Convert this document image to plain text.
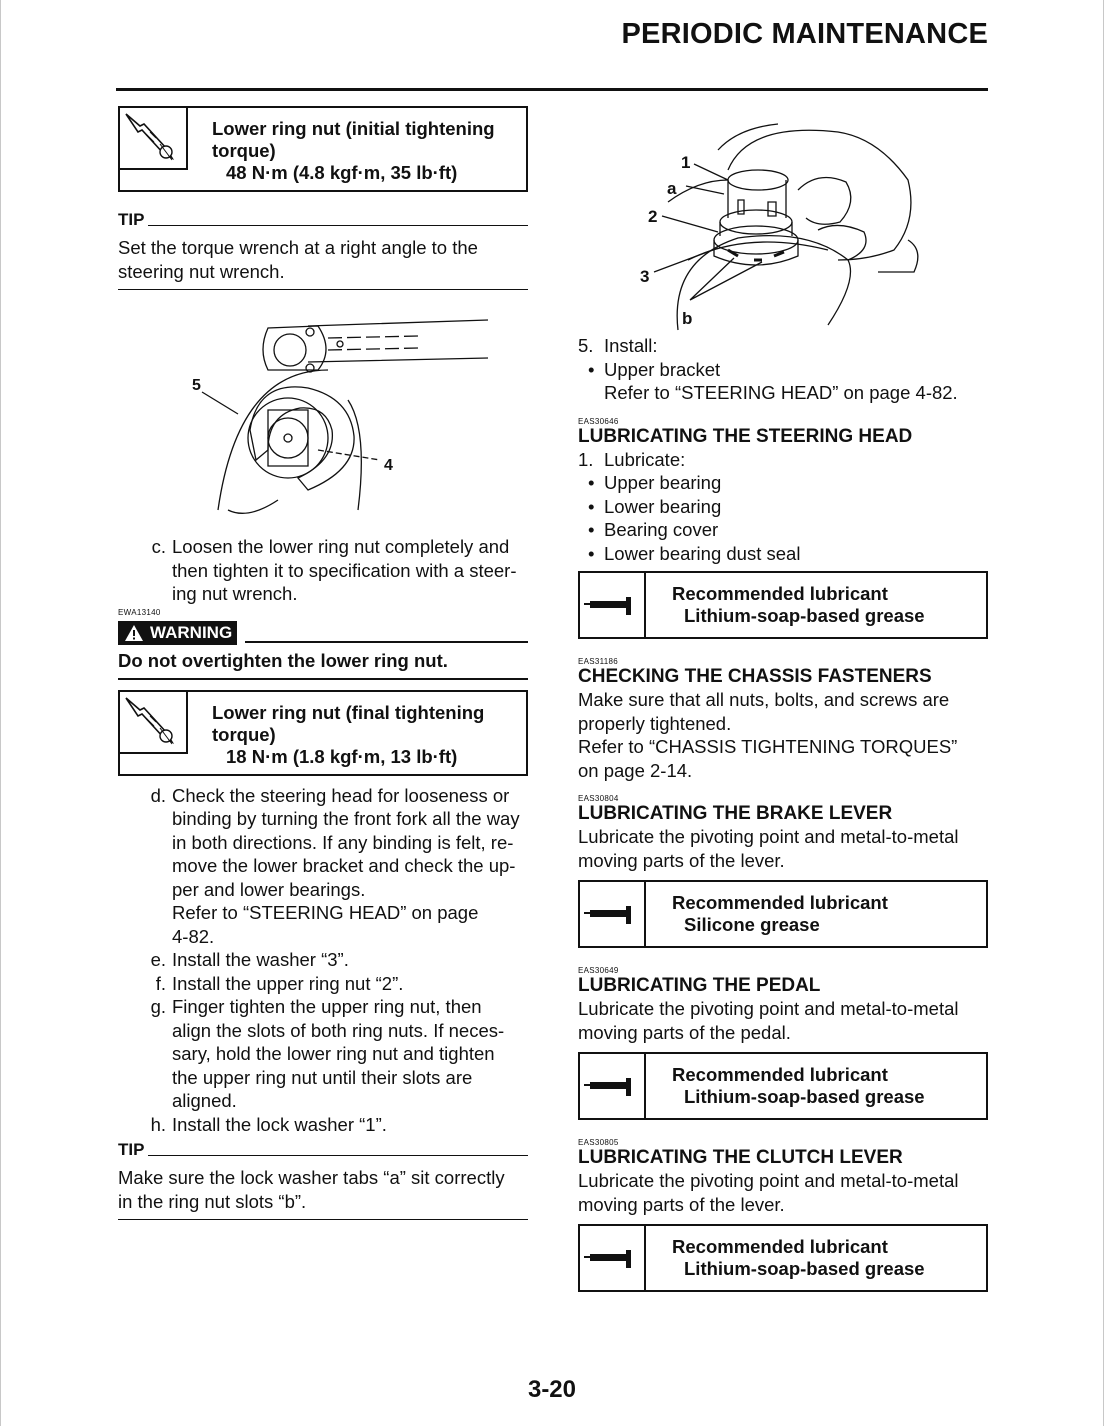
PERIODIC MAINTENANCE
Lower ring nut (initial tightening
torque)
48 N·m (4.8 kgf·m, 35 lb·ft)
TIP

Set the torque wrench at a right angle to the

steering nut wrench.

5
4
c. Loosen the lower ring nut completely and
then tighten it to specification with a steer-
ing nut wrench.
EWA13140
WARNING
Do not overtighten the lower ring nut.
Lower ring nut (final tightening
torque)
18 N·m (1.8 kgf·m, 13 lb·ft)
d. Check the steering head for looseness or
binding by turning the front fork all the way
in both directions. If any binding is felt, re-
move the lower bracket and check the up-
per and lower bearings.
Refer to “STEERING HEAD” on page
4-82.
e. Install the washer “3”.
f. Install the upper ring nut “2”.
g. Finger tighten the upper ring nut, then
align the slots of both ring nuts. If neces-
sary, hold the lower ring nut and tighten
the upper ring nut until their slots are
aligned.
h. Install the lock washer “1”.
TIP

Make sure the lock washer tabs “a” sit correctly

in the ring nut slots “b”.

1
a
2
3
b
5. Install:
• Upper bracket
Refer to “STEERING HEAD” on page 4-82.
EAS30646
LUBRICATING THE STEERING HEAD
1. Lubricate:
• Upper bearing
• Lower bearing
• Bearing cover
• Lower bearing dust seal
Recommended lubricant
Lithium-soap-based grease
EAS31186
CHECKING THE CHASSIS FASTENERS
Make sure that all nuts, bolts, and screws are
properly tightened.
Refer to “CHASSIS TIGHTENING TORQUES”
on page 2-14.
EAS30804
LUBRICATING THE BRAKE LEVER
Lubricate the pivoting point and metal-to-metal
moving parts of the lever.
Recommended lubricant
Silicone grease
EAS30649
LUBRICATING THE PEDAL
Lubricate the pivoting point and metal-to-metal
moving parts of the pedal.
Recommended lubricant
Lithium-soap-based grease
EAS30805
LUBRICATING THE CLUTCH LEVER
Lubricate the pivoting point and metal-to-metal
moving parts of the lever.
Recommended lubricant
Lithium-soap-based grease
3-20
